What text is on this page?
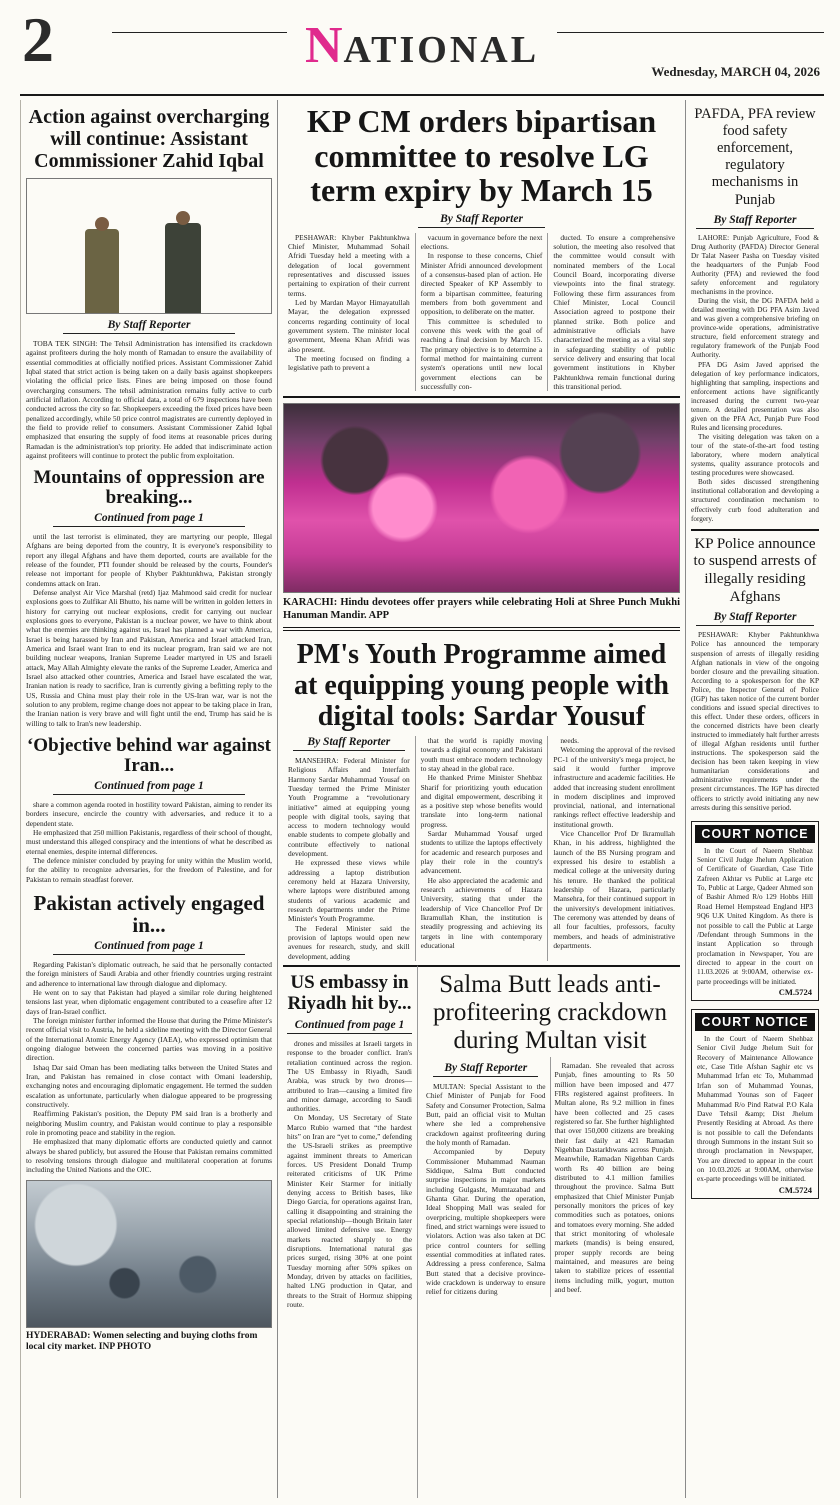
2	NATIONAL
Wednesday, MARCH 04, 2026
Action against overcharging will continue: Assistant Commissioner Zahid Iqbal
By Staff Reporter

TOBA TEK SINGH: The Tehsil Administration has intensified its crackdown against profiteers during the holy month of Ramadan to ensure the availability of essential commodities at officially notified prices. Assistant Commissioner Zahid Iqbal stated that strict action is being taken on a daily basis against shopkeepers violating the official price lists. Fines are being imposed on those found overcharging consumers. The tehsil administration remains fully active to curb artificial inflation. According to official data, a total of 679 inspections have been conducted across the city so far. Shopkeepers exceeding the fixed prices have been penalized accordingly, while 50 price control magistrates are currently deployed in the field to provide relief to consumers. Assistant Commissioner Zahid Iqbal emphasized that ensuring the supply of food items at reasonable prices during Ramadan is the administration's top priority. He added that indiscriminate action against profiteers will continue to protect the public from exploitation.

Mountains of oppression are breaking...
Continued from page 1

until the last terrorist is eliminated, they are martyring our people, Illegal Afghans are being deported from the country, It is everyone's responsibility to report any illegal Afghans and have them deported, courts are available for the release of the founder, PTI founder should be released by the courts, Founder's release not important for people of Khyber Pakhtunkhwa, Pakistan strongly condemns attack on Iran.

Defense analyst Air Vice Marshal (retd) Ijaz Mahmood said credit for nuclear explosions goes to Zulfikar Ali Bhutto, his name will be written in golden letters in history for carrying out nuclear explosions, credit for carrying out nuclear explosions goes to everyone, Pakistan is a nuclear power, we have to think about what the enemies are thinking against us, Israel has planned a war with America, Israel is being harassed by Iran and Pakistan, America and Israel attacked Iran, America and Israel want Iran to end its nuclear program, Iran said we are not building nuclear weapons, Iranian Supreme Leader martyred in US and Israeli attack, May Allah Almighty elevate the ranks of the Supreme Leader, America and Israel also attacked other countries, America and Israel have escalated the war, Iranian nation is ready to sacrifice, Iran is currently giving a befitting reply to the US, Russia and China must play their role in the US-Iran war, war is not the solution to any problem, regime change does not appear to be taking place in Iran, the Iranian nation is very brave and will fight until the end, Trump has said he is willing to talk to Iran's new leadership.

‘Objective behind war against Iran...
Continued from page 1

share a common agenda rooted in hostility toward Pakistan, aiming to render its borders insecure, encircle the country with adversaries, and reduce it to a dependent state.

He emphasized that 250 million Pakistanis, regardless of their school of thought, must understand this alleged conspiracy and the intentions of what he described as eternal enemies, despite internal differences.

The defence minister concluded by praying for unity within the Muslim world, for the ability to recognize adversaries, for the freedom of Palestine, and for Pakistan to remain steadfast forever.

Pakistan actively engaged in...
Continued from page 1

Regarding Pakistan's diplomatic outreach, he said that he personally contacted the foreign ministers of Saudi Arabia and other friendly countries urging restraint and adherence to international law through dialogue and diplomacy.

He went on to say that Pakistan had played a similar role during heightened tensions last year, when diplomatic engagement contributed to a ceasefire after 12 days of Iran-Israel conflict.

The foreign minister further informed the House that during the Prime Minister's recent official visit to Austria, he held a sideline meeting with the Director General of the International Atomic Energy Agency (IAEA), who expressed optimism that ongoing dialogue between the concerned parties was moving in a positive direction.

Ishaq Dar said Oman has been mediating talks between the United States and Iran, and Pakistan has remained in close contact with Omani leadership, exchanging notes and encouraging diplomatic engagement. He termed the sudden escalation as unfortunate, particularly when dialogue appeared to be progressing constructively.

Reaffirming Pakistan's position, the Deputy PM said Iran is a brotherly and neighboring Muslim country, and Pakistan would continue to play a responsible role in promoting peace and stability in the region.

He emphasized that many diplomatic efforts are conducted quietly and cannot always be shared publicly, but assured the House that Pakistan remains committed to resolving tensions through dialogue and multilateral cooperation at forums including the United Nations and the OIC.

HYDERABAD: Women selecting and buying cloths from local city market. INP PHOTO
KP CM orders bipartisan committee to resolve LG term expiry by March 15
By Staff Reporter

PESHAWAR: Khyber Pakhtunkhwa Chief Minister, Muhammad Sohail Afridi Tuesday held a meeting with a delegation of local government representatives and discussed issues pertaining to expiration of their current terms.

Led by Mardan Mayor Himayatullah Mayar, the delegation expressed concerns regarding continuity of local government system. The minister local government, Meena Khan Afridi was also present.

The meeting focused on finding a legislative path to prevent a

vacuum in governance before the next elections.

In response to these concerns, Chief Minister Afridi announced development of a consensus-based plan of action. He directed Speaker of KP Assembly to form a bipartisan committee, featuring members from both government and opposition, to deliberate on the matter.

This committee is scheduled to convene this week with the goal of reaching a final decision by March 15. The primary objective is to determine a formal method for maintaining current system's operations until new local government elections can be successfully con-

ducted. To ensure a comprehensive solution, the meeting also resolved that the committee would consult with nominated members of the Local Council Board, incorporating diverse viewpoints into the final strategy. Following these firm assurances from Chief Minister, Local Council Association agreed to postpone their planned strike. Both police and administrative officials have characterized the meeting as a vital step in safeguarding stability of public service delivery and ensuring that local government institutions in Khyber Pakhtunkhwa remain functional during this transitional period.

KARACHI: Hindu devotees offer prayers while celebrating Holi at Shree Punch Mukhi Hanuman Mandir. APP
PM's Youth Programme aimed at equipping young people with digital tools: Sardar Yousuf
By Staff Reporter

MANSEHRA: Federal Minister for Religious Affairs and Interfaith Harmony Sardar Muhammad Yousaf on Tuesday termed the Prime Minister Youth Programme a “revolutionary initiative” aimed at equipping young people with digital tools, saying that access to modern technology would enable students to compete globally and contribute effectively to national development.

He expressed these views while addressing a laptop distribution ceremony held at Hazara University, where laptops were distributed among students of various academic and research departments under the Prime Minister's Youth Programme.

The Federal Minister said the provision of laptops would open new avenues for research, study, and skill development, adding

that the world is rapidly moving towards a digital economy and Pakistani youth must embrace modern technology to stay ahead in the global race.

He thanked Prime Minister Shehbaz Sharif for prioritizing youth education and digital empowerment, describing it as a positive step whose benefits would translate into long-term national progress.

Sardar Muhammad Yousaf urged students to utilize the laptops effectively for academic and research purposes and play their role in the country's advancement.

He also appreciated the academic and research achievements of Hazara University, stating that under the leadership of Vice Chancellor Prof Dr Ikramullah Khan, the institution is steadily progressing and achieving its targets in line with contemporary educational

needs.

Welcoming the approval of the revised PC-1 of the university's mega project, he said it would further improve infrastructure and academic facilities. He added that increasing student enrollment in modern disciplines and improved provincial, national, and international rankings reflect effective leadership and institutional growth.

Vice Chancellor Prof Dr Ikramullah Khan, in his address, highlighted the launch of the BS Nursing program and expressed his desire to establish a medical college at the university during his tenure. He thanked the political leadership of Hazara, particularly Mansehra, for their continued support in the university's development initiatives. The ceremony was attended by deans of all four faculties, professors, faculty members, and heads of administrative departments.

US embassy in Riyadh hit by...
Continued from page 1

drones and missiles at Israeli targets in response to the broader conflict. Iran's retaliation continued across the region. The US Embassy in Riyadh, Saudi Arabia, was struck by two drones—attributed to Iran—causing a limited fire and minor damage, according to Saudi authorities.

On Monday, US Secretary of State Marco Rubio warned that “the hardest hits” on Iran are “yet to come,” defending the US-Israeli strikes as preemptive against imminent threats to American forces. US President Donald Trump reiterated criticisms of UK Prime Minister Keir Starmer for initially denying access to British bases, like Diego Garcia, for operations against Iran, calling it disappointing and straining the special relationship—though Britain later allowed limited defensive use. Energy markets reacted sharply to the disruptions. International natural gas prices surged, rising 30% at one point Tuesday morning after 50% spikes on Monday, driven by attacks on facilities, halted LNG production in Qatar, and threats to the Strait of Hormuz shipping route.

Salma Butt leads anti-profiteering crackdown during Multan visit
By Staff Reporter

MULTAN: Special Assistant to the Chief Minister of Punjab for Food Safety and Consumer Protection, Salma Butt, paid an official visit to Multan where she led a comprehensive crackdown against profiteering during the holy month of Ramadan.

Accompanied by Deputy Commissioner Muhammad Nauman Siddique, Salma Butt conducted surprise inspections in major markets including Gulgasht, Mumtazabad and Ghanta Ghar. During the operation, Ideal Shopping Mall was sealed for overpricing, multiple shopkeepers were fined, and strict warnings were issued to violators. Action was also taken at DC price control counters for selling essential commodities at inflated rates. Addressing a press conference, Salma Butt stated that a decisive province-wide crackdown is underway to ensure relief for citizens during

Ramadan. She revealed that across Punjab, fines amounting to Rs 50 million have been imposed and 477 FIRs registered against profiteers. In Multan alone, Rs 9.2 million in fines have been collected and 25 cases registered so far. She further highlighted that over 150,000 citizens are breaking their fast daily at 421 Ramadan Nigehban Dastarkhwans across Punjab. Meanwhile, Ramadan Nigehban Cards worth Rs 40 billion are being distributed to 4.1 million families throughout the province. Salma Butt emphasized that Chief Minister Punjab personally monitors the prices of key commodities such as potatoes, onions and tomatoes every morning. She added that strict monitoring of wholesale markets (mandis) is being ensured, proper supply records are being maintained, and measures are being taken to stabilize prices of essential items including milk, yogurt, mutton and beef.

PAFDA, PFA review food safety enforcement, regulatory mechanisms in Punjab
By Staff Reporter

LAHORE: Punjab Agriculture, Food & Drug Authority (PAFDA) Director General Dr Talat Naseer Pasha on Tuesday visited the headquarters of the Punjab Food Authority (PFA) and reviewed the food safety enforcement and regulatory mechanisms in the province.

During the visit, the DG PAFDA held a detailed meeting with DG PFA Asim Javed and was given a comprehensive briefing on province-wide operations, administrative structure, field enforcement strategy and regulatory framework of the Punjab Food Authority.

PFA DG Asim Javed apprised the delegation of key performance indicators, highlighting that sampling, inspections and enforcement actions have significantly increased during the current two-year tenure. A detailed presentation was also given on the PFA Act, Punjab Pure Food Rules and licensing procedures.

The visiting delegation was taken on a tour of the state-of-the-art food testing laboratory, where modern analytical systems, quality assurance protocols and testing procedures were showcased.

Both sides discussed strengthening institutional collaboration and developing a structured coordination mechanism to effectively curb food adulteration and forgery.

KP Police announce to suspend arrests of illegally residing Afghans
By Staff Reporter

PESHAWAR: Khyber Pakhtunkhwa Police has announced the temporary suspension of arrests of illegally residing Afghan nationals in view of the ongoing border closure and the prevailing situation. According to a spokesperson for the KP Police, the Inspector General of Police (IGP) has taken notice of the current border conditions and issued special directives to this effect. Under these orders, officers in the concerned districts have been clearly instructed to immediately halt further arrests of illegal Afghan residents until further instructions. The spokesperson said the decision has been taken keeping in view humanitarian considerations and administrative requirements under the present circumstances. The IGP has directed officers to strictly avoid initiating any new arrests during this sensitive period.

COURT NOTICE

In the Court of Naeem Shehbaz Senior Civil Judge Jhelum Application of Certificate of Guardian, Case Title Zafreen Akhtar vs Public at Large etc To, Public at Large, Qadeer Ahmed son of Bashir Ahmed R/o 129 Hobbs Hill Road Hemel Hempstead England HP3 9Q6 U.K United Kingdom. As there is not possible to call the Public at Large /Defendant through Summons in the instant Application so through proclamation in Newspaper, You are directed to appear in the court on 11.03.2026 at 9:00AM, otherwise ex-parte proceedings will be initiated.

CM.5724
COURT NOTICE

In the Court of Naeem Shehbaz Senior Civil Judge Jhelum Suit for Recovery of Maintenance Allowance etc, Case Title Afshan Saghir etc vs Muhammad Irfan etc To, Muhammad Irfan son of Muhammad Younas, Muhammad Younas son of Faqeer Muhammad R/o Pind Ratwal P.O Kala Dave Tehsil &amp; Dist Jhelum Presently Residing at Abroad. As there is not possible to call the Defendants through Summons in the instant Suit so through proclamation in Newspaper, You are directed to appear in the court on 10.03.2026 at 9:00AM, otherwise ex-parte proceedings will be initiated.

CM.5724
